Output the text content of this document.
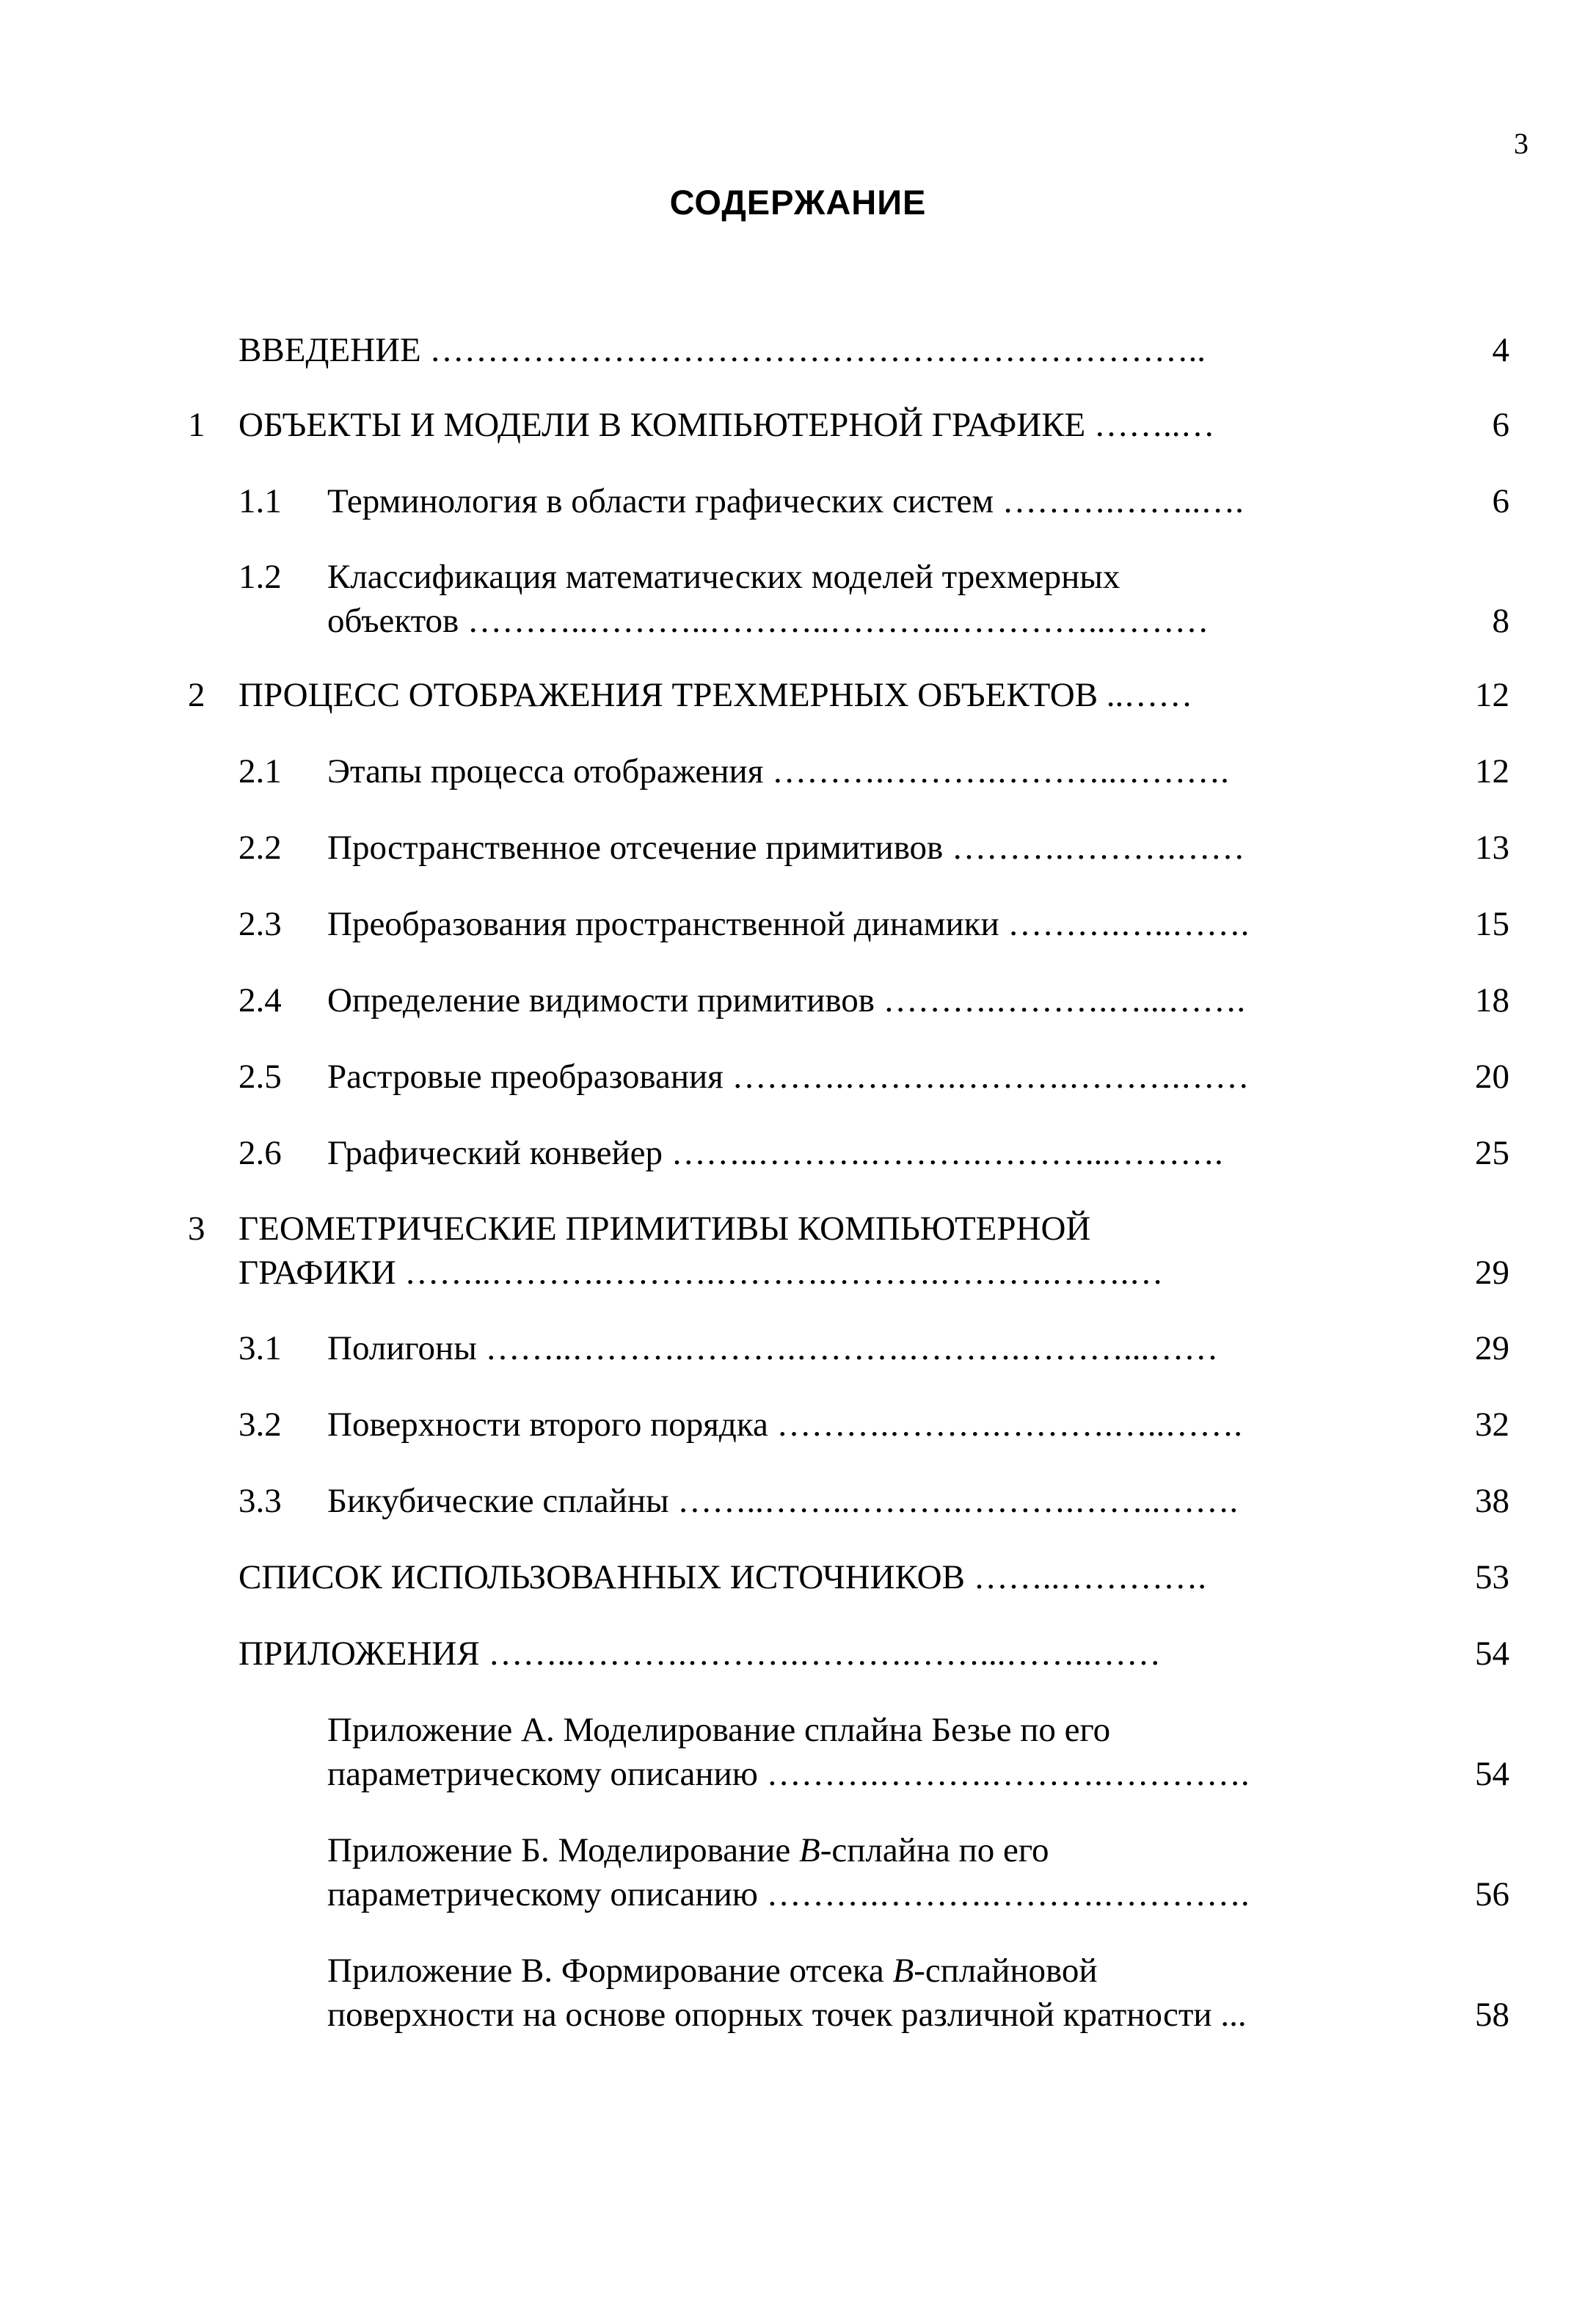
3
СОДЕРЖАНИЕ
ВВЕДЕНИЕ …………………………………………………………..	4
1 ОБЪЕКТЫ И МОДЕЛИ В КОМПЬЮТЕРНОЙ ГРАФИКЕ ……..…	6
1.1 Терминология в области графических систем ……….……..….	6
1.2 Классификация математических моделей трехмерных
объектов ………..………..………..………..…………..………	8
2 ПРОЦЕСС ОТОБРАЖЕНИЯ ТРЕХМЕРНЫХ ОБЪЕКТОВ ..……	12
2.1 Этапы процесса отображения ……….……….………..……….	12
2.2 Пространственное отсечение примитивов ……….……….……	13
2.3 Преобразования пространственной динамики ……….…..…….	15
2.4 Определение видимости примитивов ……….……….…...…….	18
2.5 Растровые преобразования ……….……….……….……….……	20
2.6 Графический конвейер ……..……….……….………...……….	25
3 ГЕОМЕТРИЧЕСКИЕ ПРИМИТИВЫ КОМПЬЮТЕРНОЙ
ГРАФИКИ ……..……….……….……….……….……….…….…	29
3.1 Полигоны ……..……….……….……….……….………...……	29
3.2 Поверхности второго порядка ……….……….……….…..…….	32
3.3 Бикубические сплайны ……..……..……….……….……..…….	38
СПИСОК ИСПОЛЬЗОВАННЫХ ИСТОЧНИКОВ ……..………….	53
ПРИЛОЖЕНИЯ ……..……….……….……….……...……..……	54
Приложение А. Моделирование сплайна Безье по его
параметрическому описанию ……….……….……….………….	54
Приложение Б. Моделирование B-сплайна по его
параметрическому описанию ……….……….……….………….	56
Приложение В. Формирование отсека B-сплайновой
поверхности на основе опорных точек различной кратности ...	58
